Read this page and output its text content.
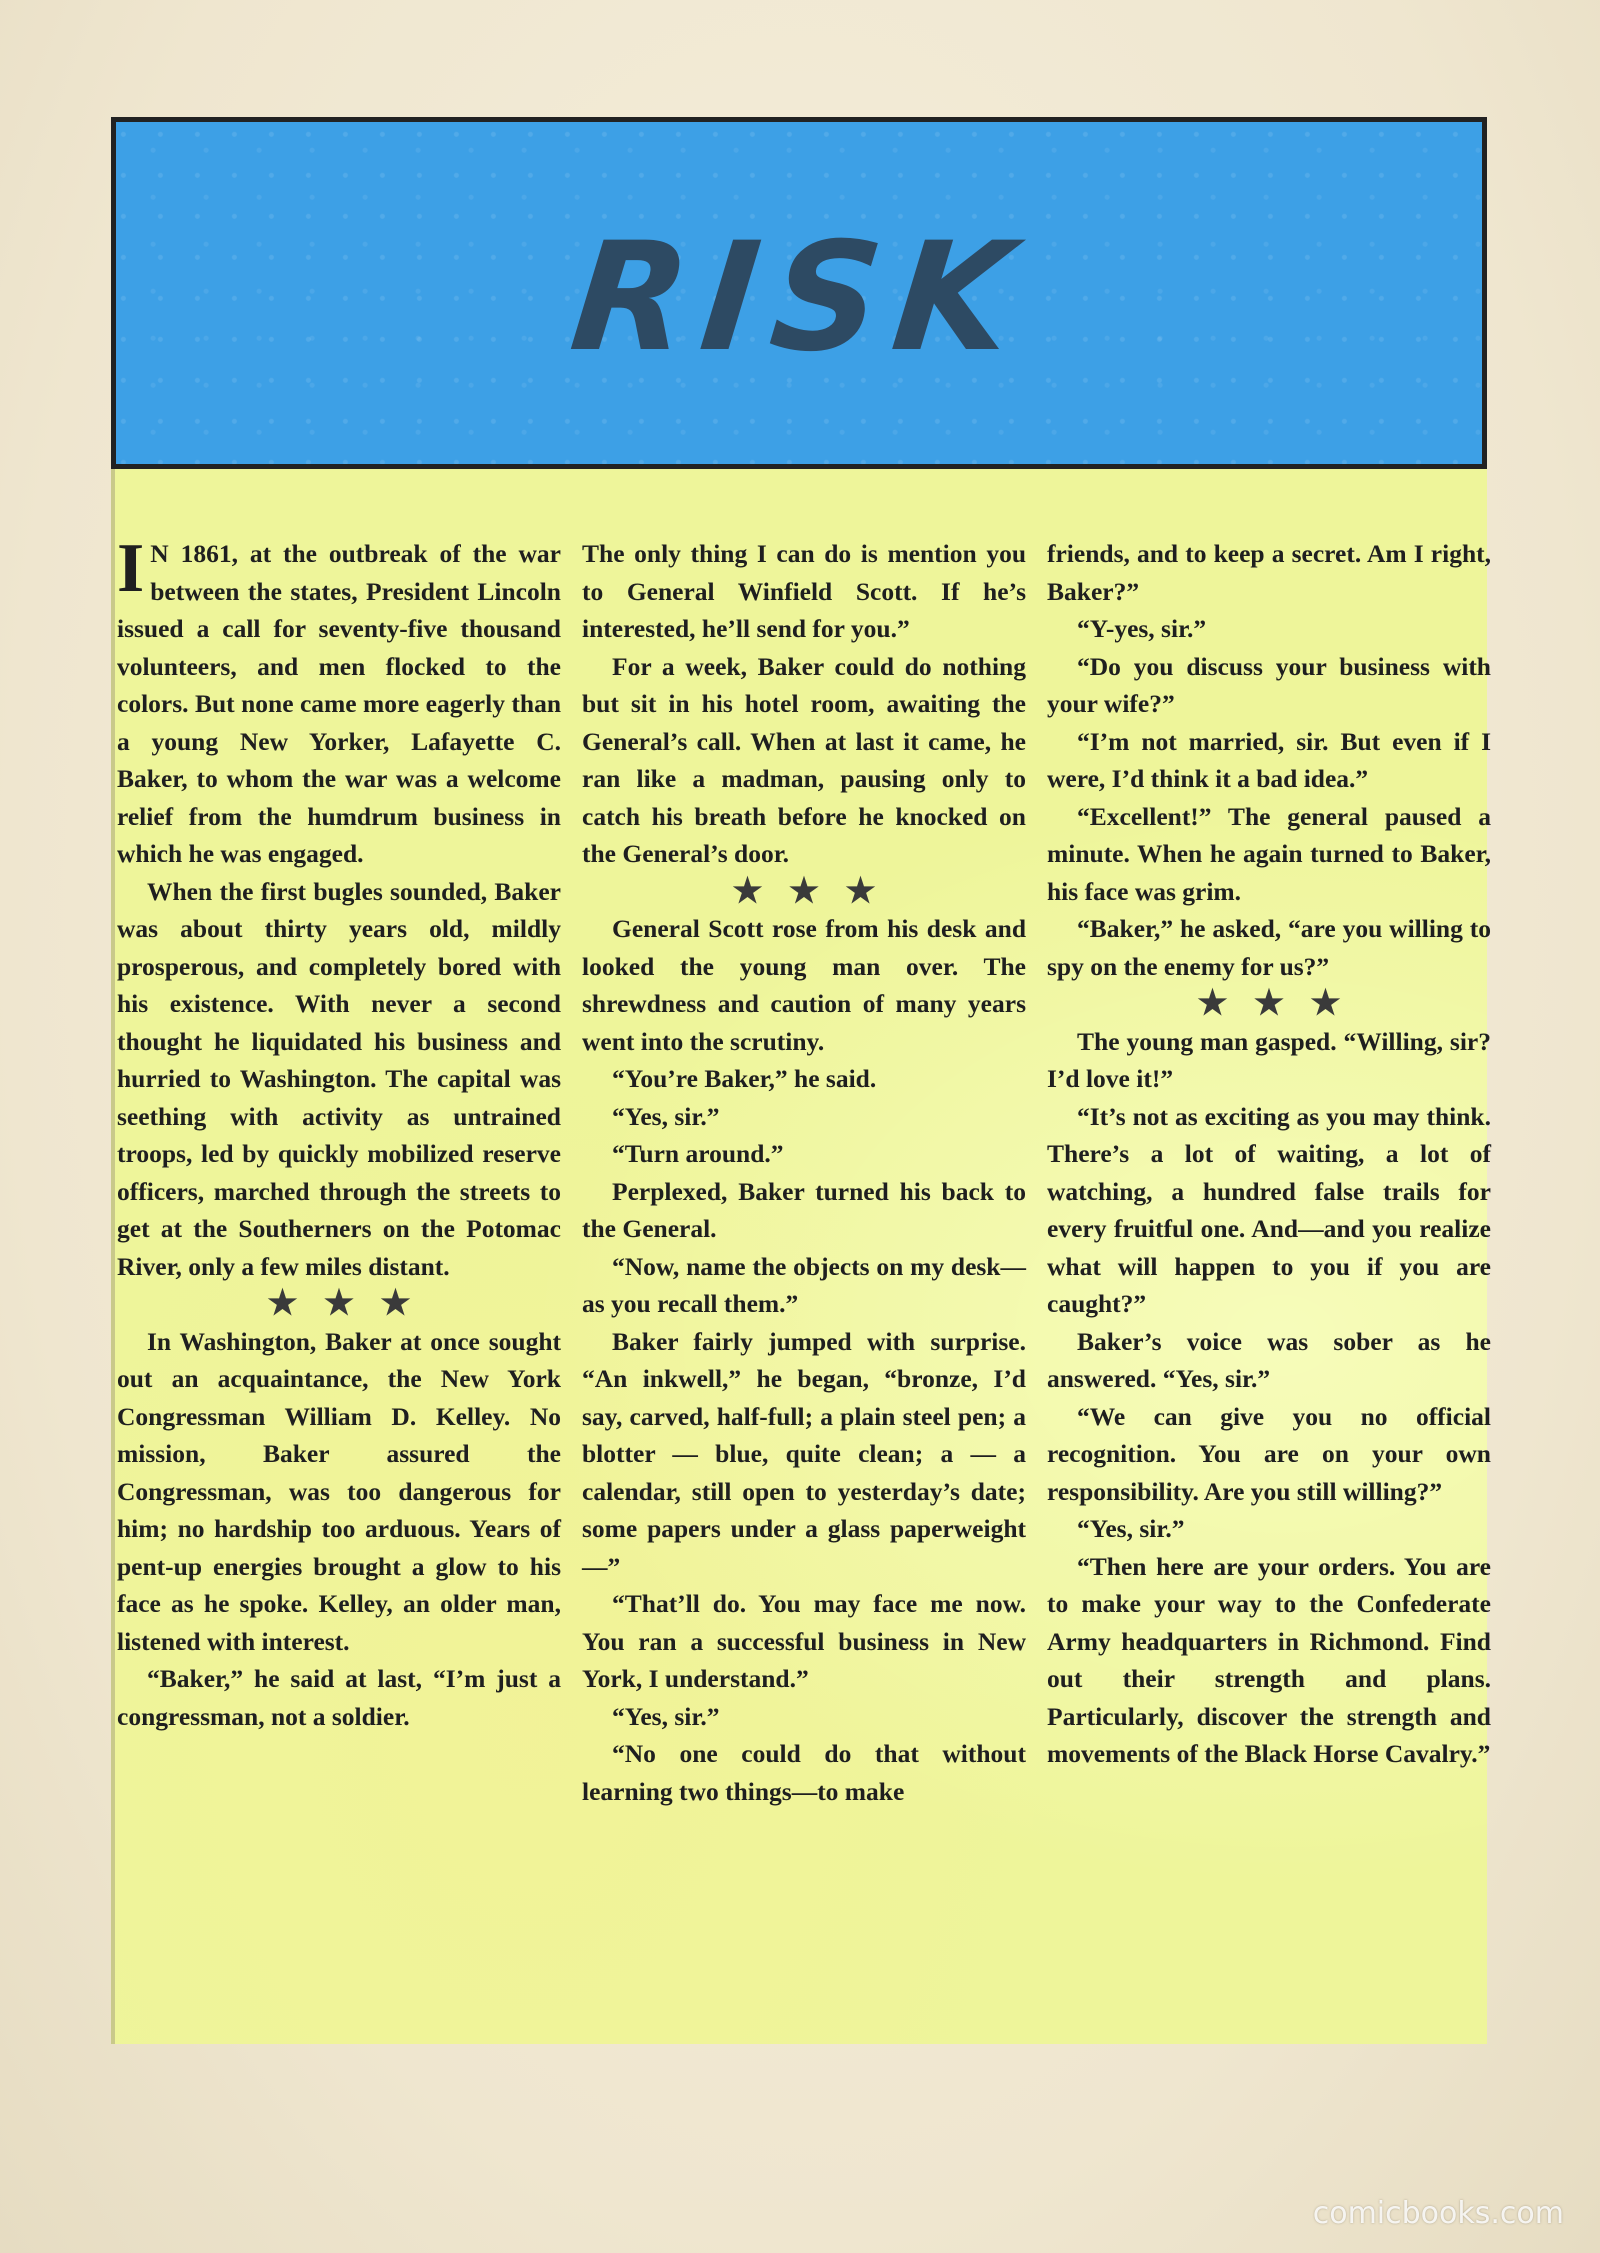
RISK

I N 1861, at the outbreak of the war between the states, President Lincoln issued a call for seventy-five thousand volunteers, and men flocked to the colors. But none came more eagerly than a young New Yorker, Lafayette C. Baker, to whom the war was a welcome relief from the humdrum business in which he was engaged.

When the first bugles sounded, Baker was about thirty years old, mildly prosperous, and completely bored with his existence. With never a second thought he liquidated his business and hurried to Washington. The capital was seething with activity as untrained troops, led by quickly mobilized reserve officers, marched through the streets to get at the Southerners on the Potomac River, only a few miles distant.

★★★

In Washington, Baker at once sought out an acquaintance, the New York Congressman William D. Kelley. No mission, Baker assured the Congressman, was too dangerous for him; no hardship too arduous. Years of pent-up energies brought a glow to his face as he spoke. Kelley, an older man, listened with interest.

“Baker,” he said at last, “I’m just a congressman, not a soldier.

The only thing I can do is mention you to General Winfield Scott. If he’s interested, he’ll send for you.”

For a week, Baker could do nothing but sit in his hotel room, awaiting the General’s call. When at last it came, he ran like a madman, pausing only to catch his breath before he knocked on the General’s door.

★★★

General Scott rose from his desk and looked the young man over. The shrewdness and caution of many years went into the scrutiny.

“You’re Baker,” he said.

“Yes, sir.”

“Turn around.”

Perplexed, Baker turned his back to the General.

“Now, name the objects on my desk—as you recall them.”

Baker fairly jumped with surprise. “An inkwell,” he began, “bronze, I’d say, carved, half-full; a plain steel pen; a blotter — blue, quite clean; a — a calendar, still open to yesterday’s date; some papers under a glass paperweight —”

“That’ll do. You may face me now. You ran a successful business in New York, I understand.”

“Yes, sir.”

“No one could do that without learning two things—to make

friends, and to keep a secret. Am I right, Baker?”

“Y-yes, sir.”

“Do you discuss your business with your wife?”

“I’m not married, sir. But even if I were, I’d think it a bad idea.”

“Excellent!” The general paused a minute. When he again turned to Baker, his face was grim.

“Baker,” he asked, “are you willing to spy on the enemy for us?”

★★★

The young man gasped. “Willing, sir? I’d love it!”

“It’s not as exciting as you may think. There’s a lot of waiting, a lot of watching, a hundred false trails for every fruitful one. And—and you realize what will happen to you if you are caught?”

Baker’s voice was sober as he answered. “Yes, sir.”

“We can give you no official recognition. You are on your own responsibility. Are you still willing?”

“Yes, sir.”

“Then here are your orders. You are to make your way to the Confederate Army headquarters in Richmond. Find out their strength and plans. Particularly, discover the strength and movements of the Black Horse Cavalry.”

comicbooks.com
